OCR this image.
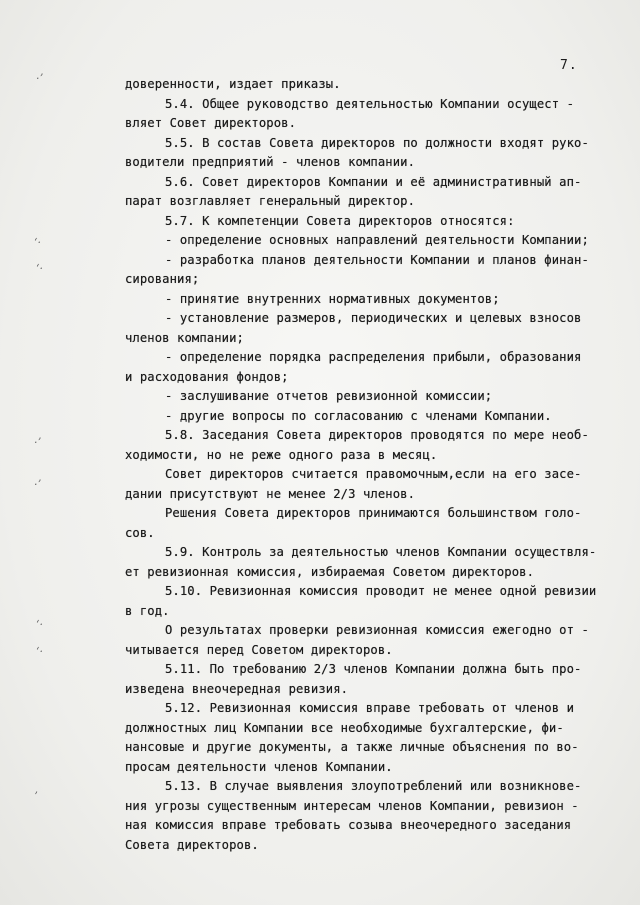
7.
доверенности, издает приказы.
5.4. Общее руководство деятельностью Компании осущест -
вляет Совет директоров.
5.5. В состав Совета директоров по должности входят руко-
водители предприятий - членов компании.
5.6. Совет директоров Компании и её административный ап-
парат возглавляет генеральный директор.
5.7. К компетенции Совета директоров относятся:
- определение основных направлений деятельности Компании;
- разработка планов деятельности Компании и планов финан-
сирования;
- принятие внутренних нормативных документов;
- установление размеров, периодических и целевых взносов
членов компании;
- определение порядка распределения прибыли, образования
и расходования фондов;
- заслушивание отчетов ревизионной комиссии;
- другие вопросы по согласованию с членами Компании.
5.8. Заседания Совета директоров проводятся по мере необ-
ходимости, но не реже одного раза в месяц.
Совет директоров считается правомочным,если на его засе-
дании присутствуют не менее 2/3 членов.
Решения Совета директоров принимаются большинством голо-
сов.
5.9. Контроль за деятельностью членов Компании осуществля-
ет ревизионная комиссия, избираемая Советом директоров.
5.10. Ревизионная комиссия проводит не менее одной ревизии
в год.
О результатах проверки ревизионная комиссия ежегодно от -
читывается перед Советом директоров.
5.11. По требованию 2/3 членов Компании должна быть про-
изведена внеочередная ревизия.
5.12. Ревизионная комиссия вправе требовать от членов и
должностных лиц Компании все необходимые бухгалтерские, фи-
нансовые и другие документы, а также личные объяснения по во-
просам деятельности членов Компании.
5.13. В случае выявления злоупотреблений или возникнове-
ния угрозы существенным интересам членов Компании, ревизион -
ная комиссия вправе требовать созыва внеочередного заседания
Совета директоров.
·ʼ
ʻ·
ʻ·
·ʼ
·ʼ
ʻ·
ʻ·
ʼ
